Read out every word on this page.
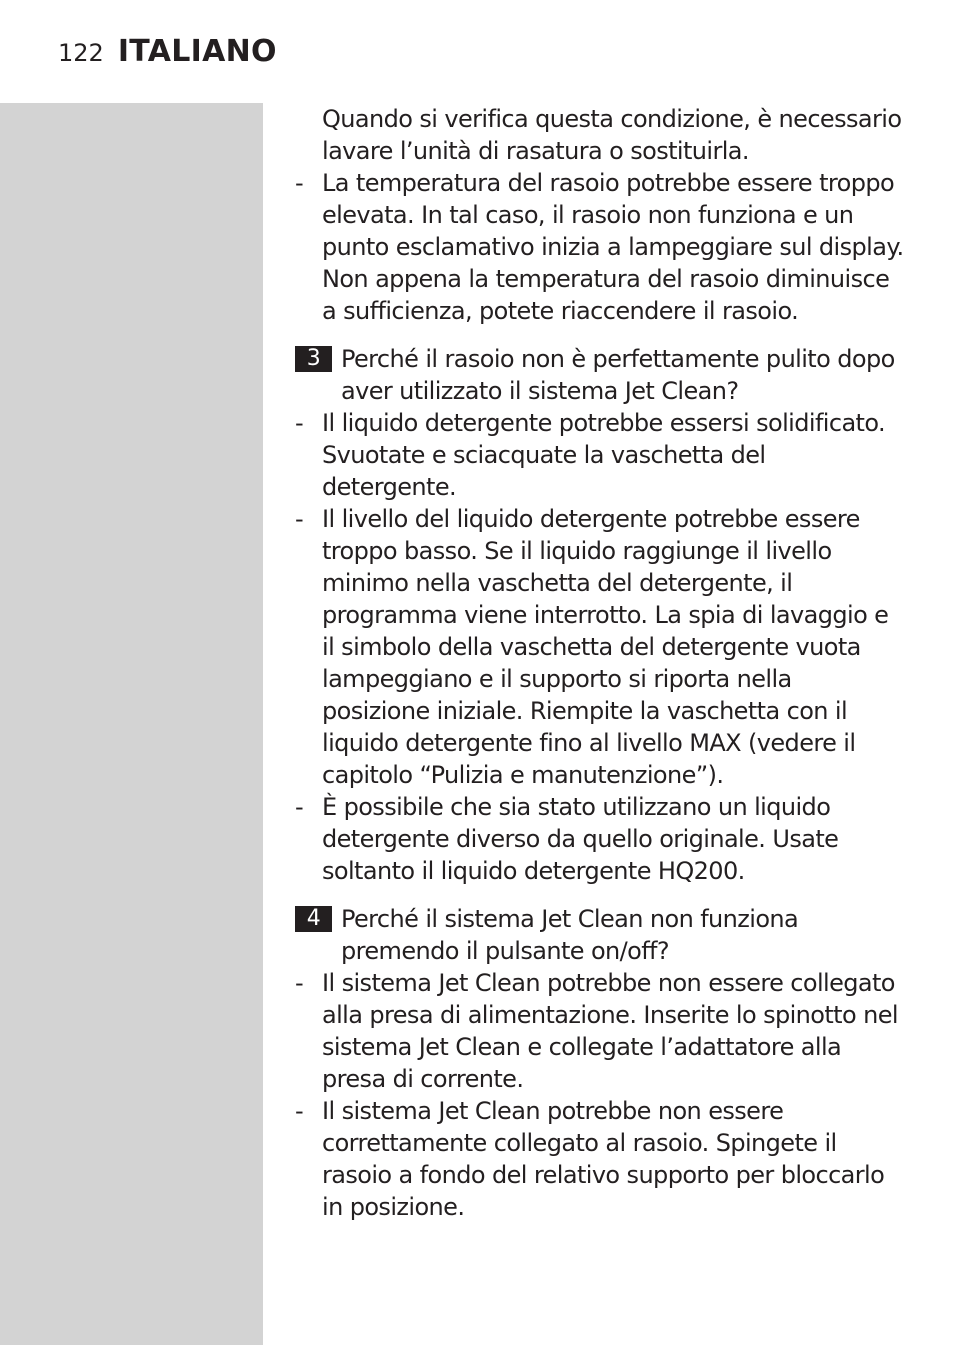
122 ITALIANO
Quando si verifica questa condizione, è necessario lavare l’unità di rasatura o sostituirla.
- La temperatura del rasoio potrebbe essere troppo elevata. In tal caso, il rasoio non funziona e un punto esclamativo inizia a lampeggiare sul display. Non appena la temperatura del rasoio diminuisce a sufficienza, potete riaccendere il rasoio.
3 Perché il rasoio non è perfettamente pulito dopo aver utilizzato il sistema Jet Clean?
- Il liquido detergente potrebbe essersi solidificato. Svuotate e sciacquate la vaschetta del detergente.
- Il livello del liquido detergente potrebbe essere troppo basso. Se il liquido raggiunge il livello minimo nella vaschetta del detergente, il programma viene interrotto. La spia di lavaggio e il simbolo della vaschetta del detergente vuota lampeggiano e il supporto si riporta nella posizione iniziale. Riempite la vaschetta con il liquido detergente fino al livello MAX (vedere il capitolo “Pulizia e manutenzione”).
- È possibile che sia stato utilizzano un liquido detergente diverso da quello originale. Usate soltanto il liquido detergente HQ200.
4 Perché il sistema Jet Clean non funziona premendo il pulsante on/off?
- Il sistema Jet Clean potrebbe non essere collegato alla presa di alimentazione. Inserite lo spinotto nel sistema Jet Clean e collegate l’adattatore alla presa di corrente.
- Il sistema Jet Clean potrebbe non essere correttamente collegato al rasoio. Spingete il rasoio a fondo del relativo supporto per bloccarlo in posizione.
